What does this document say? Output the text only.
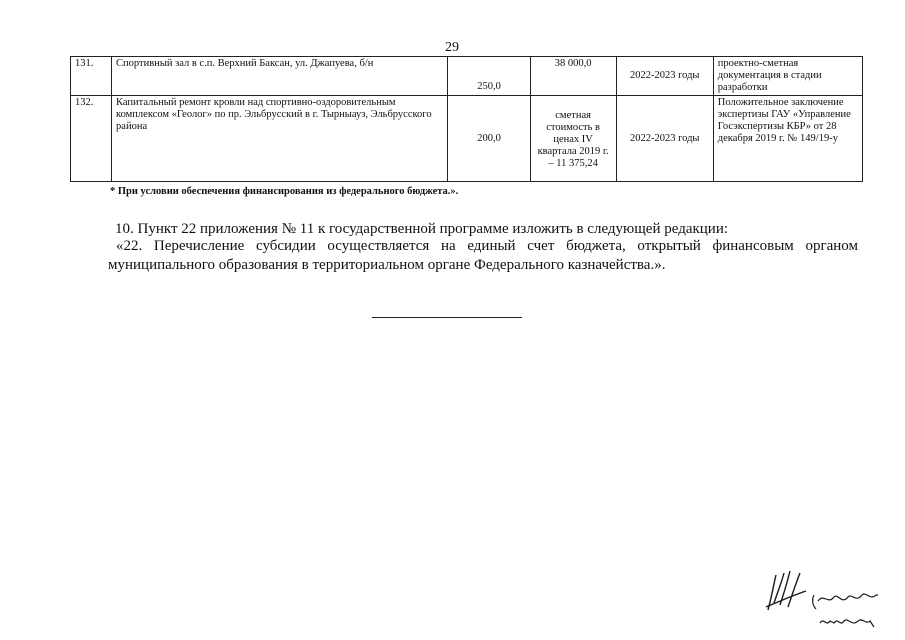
29
131.	Спортивный зал в с.п. Верхний Баксан, ул. Джапуева, б/н	250,0	38 000,0	2022-2023 годы	проектно-сметная документация в стадии разработки
132.	Капитальный ремонт кровли над спортивно-оздоровительным комплексом «Геолог» по пр. Эльбрусский в г. Тырныауз, Эльбрусского района	200,0	сметная стоимость в ценах IV квартала 2019 г. – 11 375,24	2022-2023 годы	Положительное заключение экспертизы ГАУ «Управление Госэкспертизы КБР» от 28 декабря 2019 г. № 149/19-у
* При условии обеспечения финансирования из федерального бюджета.».
10. Пункт 22 приложения № 11 к государственной программе изложить в следующей редакции:
«22. Перечисление субсидии осуществляется на единый счет бюджета, открытый финансовым органом муниципального образования в территориальном органе Федерального казначейства.».
